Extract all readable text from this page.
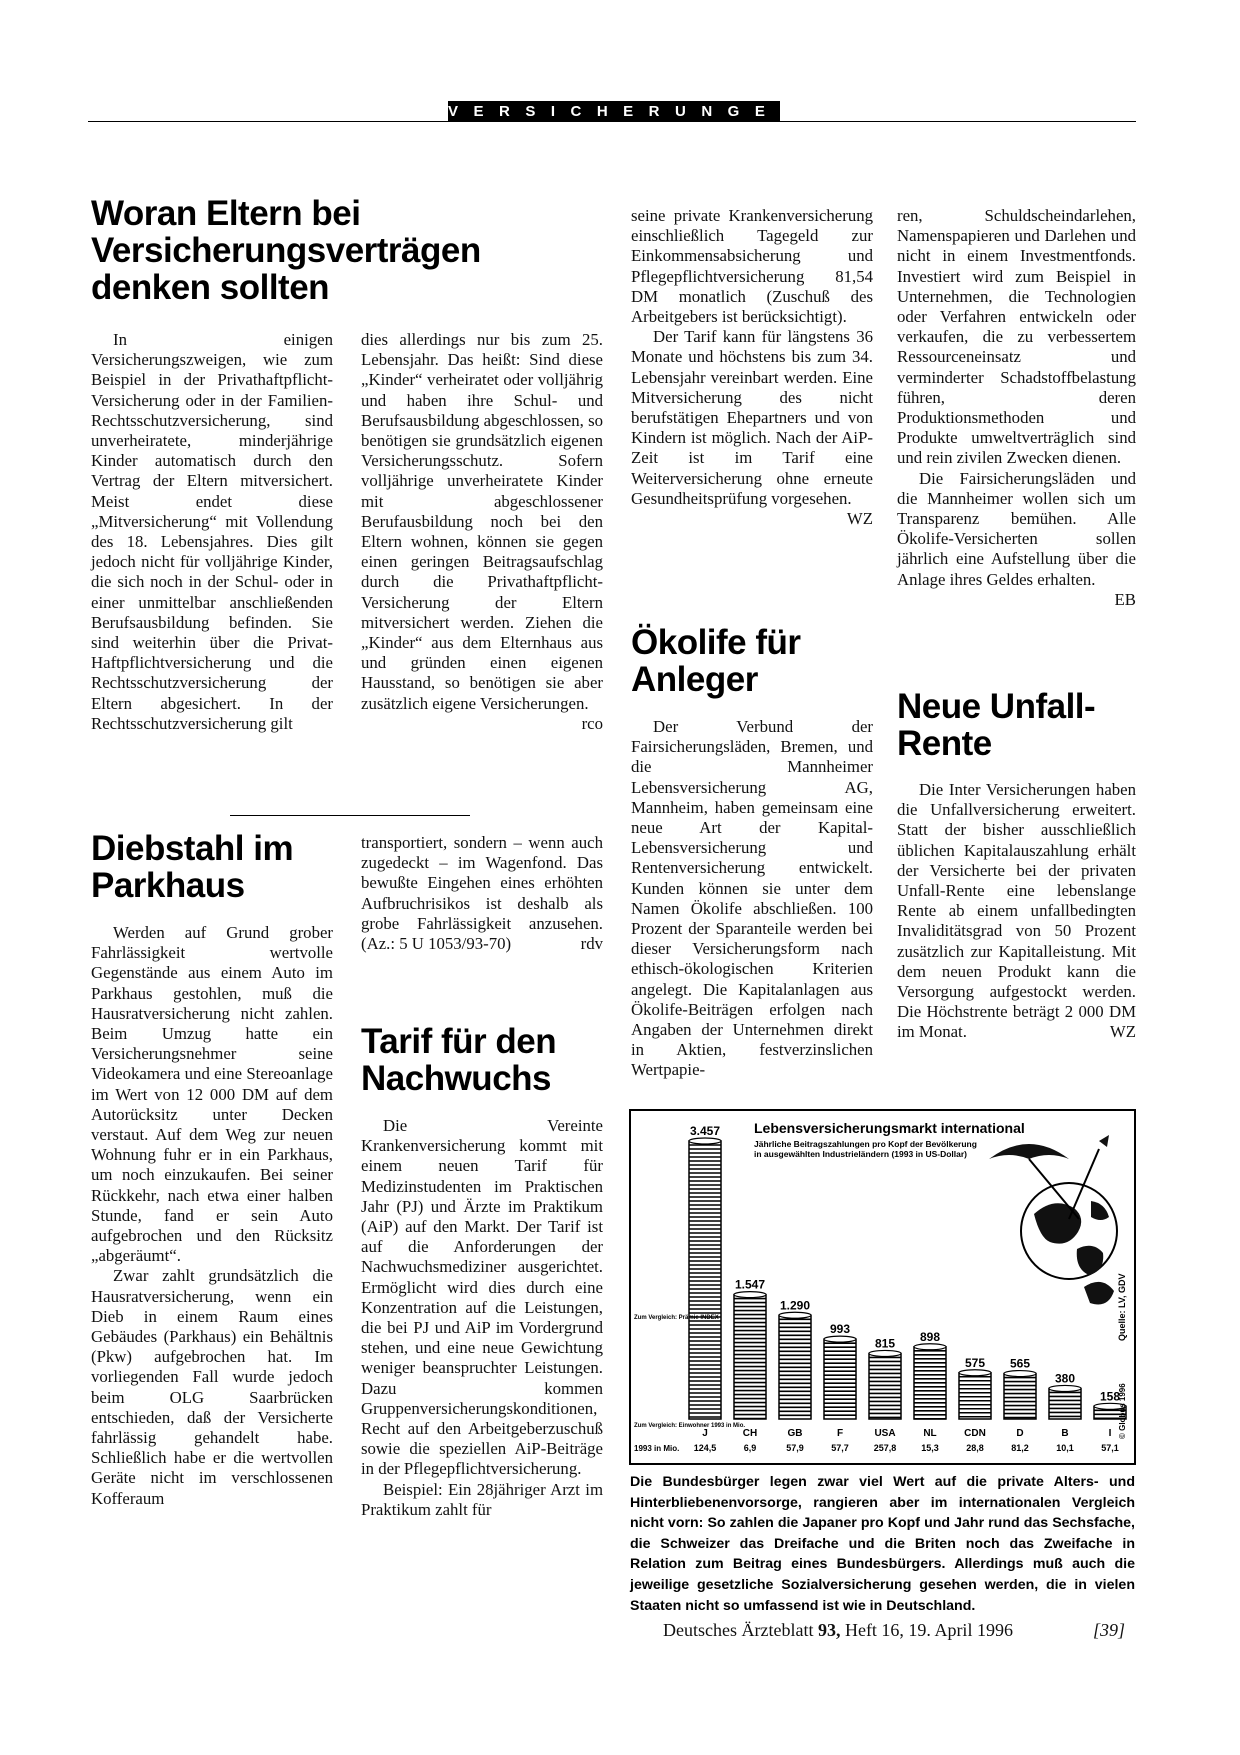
VERSICHERUNGEN
Woran Eltern bei Versicherungsverträgen denken sollten

In einigen Versicherungszweigen, wie zum Beispiel in der Privathaftpflicht-Versicherung oder in der Familien-Rechtsschutzversicherung, sind unverheiratete, minderjährige Kinder automatisch durch den Vertrag der Eltern mitversichert. Meist endet diese „Mitversicherung“ mit Vollendung des 18. Lebensjahres. Dies gilt jedoch nicht für volljährige Kinder, die sich noch in der Schul- oder in einer unmittelbar anschließenden Berufsausbildung befinden. Sie sind weiterhin über die Privat-Haftpflichtversicherung und die Rechtsschutzversicherung der Eltern abgesichert. In der Rechtsschutzversicherung gilt

dies allerdings nur bis zum 25. Lebensjahr. Das heißt: Sind diese „Kinder“ verheiratet oder volljährig und haben ihre Schul- und Berufsausbildung abgeschlossen, so benötigen sie grundsätzlich eigenen Versicherungsschutz. Sofern volljährige unverheiratete Kinder mit abgeschlossener Berufausbildung noch bei den Eltern wohnen, können sie gegen einen geringen Beitragsaufschlag durch die Privathaftpflicht-Versicherung der Eltern mitversichert werden. Ziehen die „Kinder“ aus dem Elternhaus aus und gründen einen eigenen Hausstand, so benötigen sie aber zusätzlich eigene Versicherungen.
rco

Diebstahl im Parkhaus

Werden auf Grund grober Fahrlässigkeit wertvolle Gegenstände aus einem Auto im Parkhaus gestohlen, muß die Hausratversicherung nicht zahlen. Beim Umzug hatte ein Versicherungsnehmer seine Videokamera und eine Stereoanlage im Wert von 12 000 DM auf dem Autorücksitz unter Decken verstaut. Auf dem Weg zur neuen Wohnung fuhr er in ein Parkhaus, um noch einzukaufen. Bei seiner Rückkehr, nach etwa einer halben Stunde, fand er sein Auto aufgebrochen und den Rücksitz „abgeräumt“.

Zwar zahlt grundsätzlich die Hausratversicherung, wenn ein Dieb in einem Raum eines Gebäudes (Parkhaus) ein Behältnis (Pkw) aufgebrochen hat. Im vorliegenden Fall wurde jedoch beim OLG Saarbrücken entschieden, daß der Versicherte fahrlässig gehandelt habe. Schließlich habe er die wertvollen Geräte nicht im verschlossenen Kofferaum

transportiert, sondern – wenn auch zugedeckt – im Wagenfond. Das bewußte Eingehen eines erhöhten Aufbruchrisikos ist deshalb als grobe Fahrlässigkeit anzusehen. (Az.: 5 U 1053/93-70)	rdv

Tarif für den Nachwuchs

Die Vereinte Krankenversicherung kommt mit einem neuen Tarif für Medizinstudenten im Praktischen Jahr (PJ) und Ärzte im Praktikum (AiP) auf den Markt. Der Tarif ist auf die Anforderungen der Nachwuchsmediziner ausgerichtet. Ermöglicht wird dies durch eine Konzentration auf die Leistungen, die bei PJ und AiP im Vordergrund stehen, und eine neue Gewichtung weniger beanspruchter Leistungen. Dazu kommen Gruppenversicherungskonditionen, Recht auf den Arbeitgeberzuschuß sowie die speziellen AiP-Beiträge in der Pflegepflichtversicherung.

Beispiel: Ein 28jähriger Arzt im Praktikum zahlt für

seine private Krankenversicherung einschließlich Tagegeld zur Einkommensabsicherung und Pflegepflichtversicherung 81,54 DM monatlich (Zuschuß des Arbeitgebers ist berücksichtigt).

Der Tarif kann für längstens 36 Monate und höchstens bis zum 34. Lebensjahr vereinbart werden. Eine Mitversicherung des nicht berufstätigen Ehepartners und von Kindern ist möglich. Nach der AiP-Zeit ist im Tarif eine Weiterversicherung ohne erneute Gesundheitsprüfung vorgesehen.
WZ

Ökolife für Anleger

Der Verbund der Fairsicherungsläden, Bremen, und die Mannheimer Lebensversicherung AG, Mannheim, haben gemeinsam eine neue Art der Kapital-Lebensversicherung und Rentenversicherung entwickelt. Kunden können sie unter dem Namen Ökolife abschließen. 100 Prozent der Sparanteile werden bei dieser Versicherungsform nach ethisch-ökologischen Kriterien angelegt. Die Kapitalanlagen aus Ökolife-Beiträgen erfolgen nach Angaben der Unternehmen direkt in Aktien, festverzinslichen Wertpapie-

ren, Schuldscheindarlehen, Namenspapieren und Darlehen und nicht in einem Investmentfonds. Investiert wird zum Beispiel in Unternehmen, die Technologien oder Verfahren entwickeln oder verkaufen, die zu verbessertem Ressourceneinsatz und verminderter Schadstoffbelastung führen, deren Produktionsmethoden und Produkte umweltverträglich sind und rein zivilen Zwecken dienen.

Die Fairsicherungsläden und die Mannheimer wollen sich um Transparenz bemühen. Alle Ökolife-Versicherten sollen jährlich eine Aufstellung über die Anlage ihres Geldes erhalten.
EB

Neue Unfall-Rente

Die Inter Versicherungen haben die Unfallversicherung erweitert. Statt der bisher ausschließlich üblichen Kapitalauszahlung erhält der Versicherte bei der privaten Unfall-Rente eine lebenslange Rente ab einem unfallbedingten Invaliditätsgrad von 50 Prozent zusätzlich zur Kapitalleistung. Mit dem neuen Produkt kann die Versorgung aufgestockt werden. Die Höchstrente beträgt 2 000 DM im Monat.	WZ

Lebensversicherungsmarkt international
Jährliche Beitragszahlungen pro Kopf der Bevölkerung in ausgewählten Industrieländern (1993 in US-Dollar)
3.457
J
124,5
1.547
CH
6,9
1.290
GB
57,9
993
F
57,7
815
USA
257,8
898
NL
15,3
575
CDN
28,8
565
D
81,2
380
B
10,1
158
I
57,1
Zum Vergleich: Prämie INDEX
Zum Vergleich: Einwohner 1993 in Mio.
1993 in Mio.
Quelle: LV, GDV
© Globus 1996
Die Bundesbürger legen zwar viel Wert auf die private Alters- und Hinterbliebenenvorsorge, rangieren aber im internationalen Vergleich nicht vorn: So zahlen die Japaner pro Kopf und Jahr rund das Sechsfache, die Schweizer das Dreifache und die Briten noch das Zweifache in Relation zum Beitrag eines Bundesbürgers. Allerdings muß auch die jeweilige gesetzliche Sozialversicherung gesehen werden, die in vielen Staaten nicht so umfassend ist wie in Deutschland.
Deutsches Ärzteblatt 93, Heft 16, 19. April 1996	[39]
